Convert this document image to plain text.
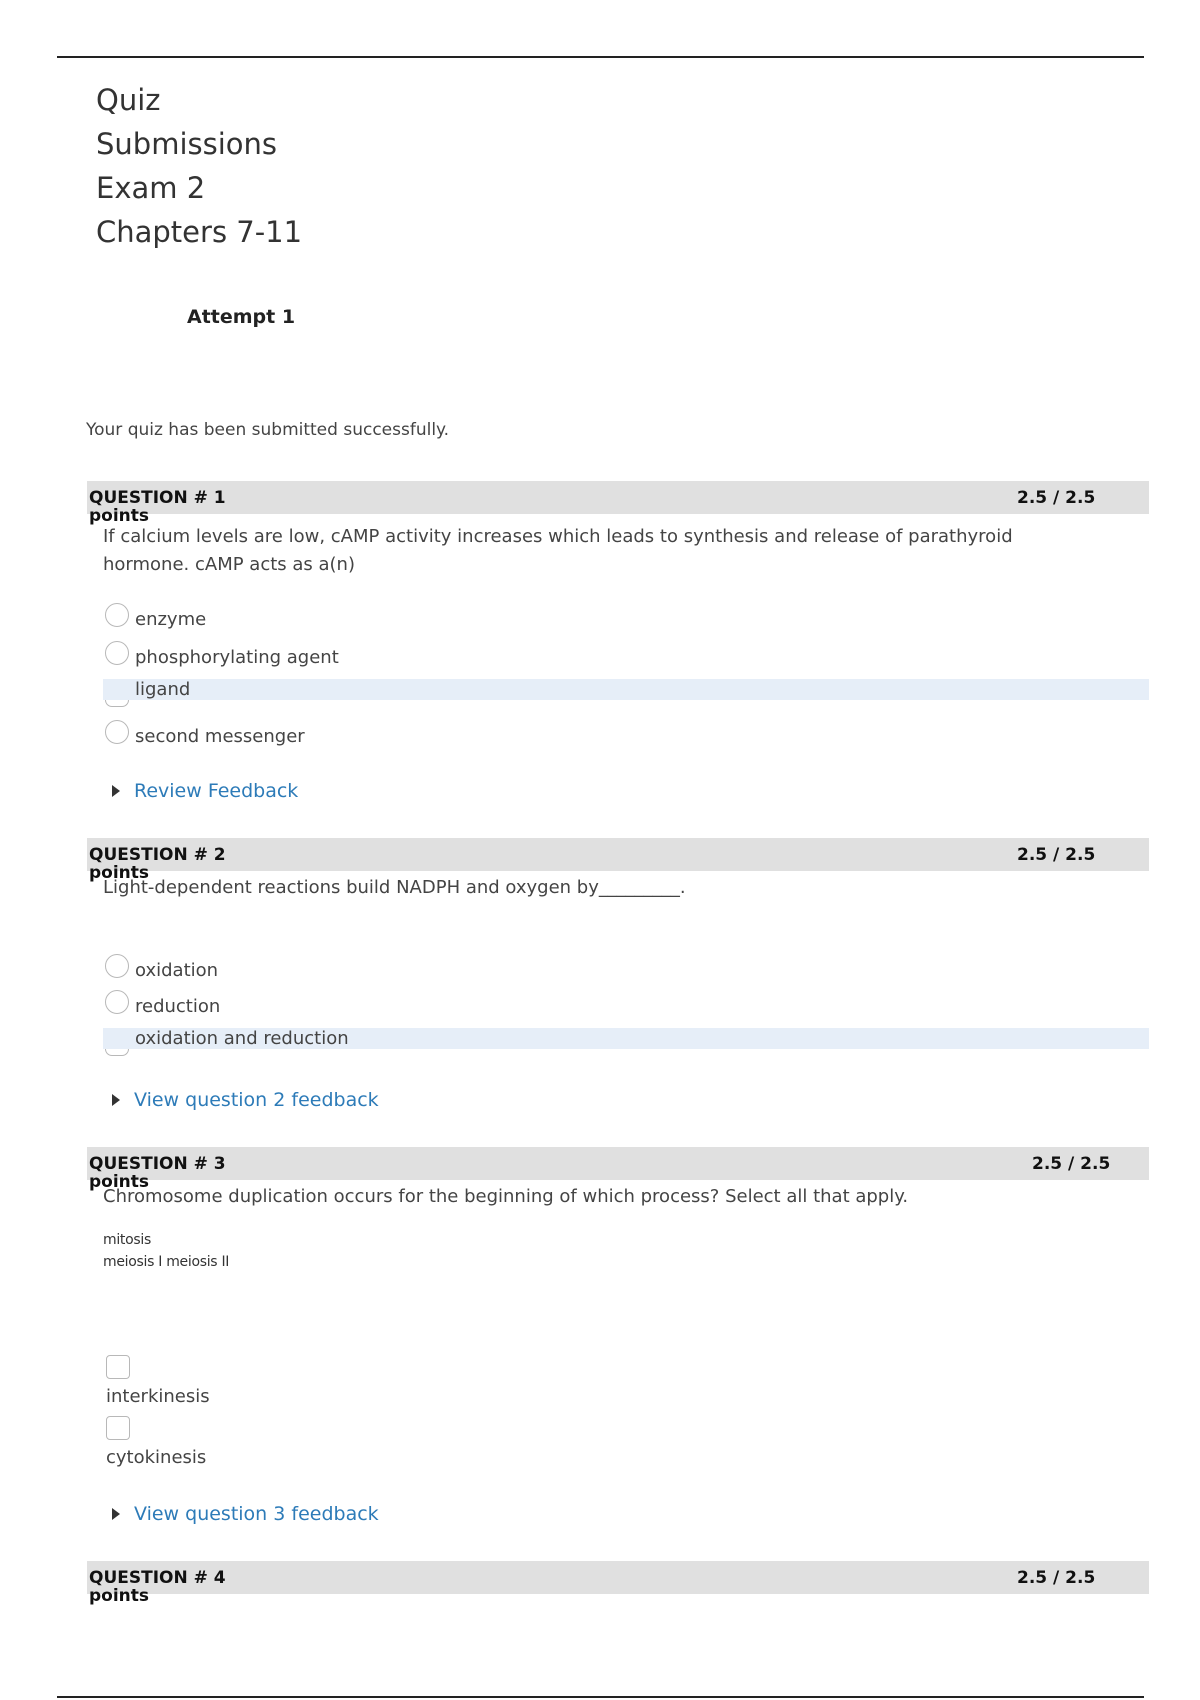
Quiz
Submissions
Exam 2
Chapters 7-11
Attempt 1
Your quiz has been submitted successfully.
QUESTION # 1
points
2.5 / 2.5
If calcium levels are low, cAMP activity increases which leads to synthesis and release of parathyroid hormone. cAMP acts as a(n)
enzyme
phosphorylating agent
ligand
second messenger
Review Feedback
QUESTION # 2
points
2.5 / 2.5
Light-dependent reactions build NADPH and oxygen by_________.
oxidation
reduction
oxidation and reduction
View question 2 feedback
QUESTION # 3
points
2.5 / 2.5
Chromosome duplication occurs for the beginning of which process? Select all that apply.
mitosis
meiosis I meiosis II
interkinesis
cytokinesis
View question 3 feedback
QUESTION # 4
points
2.5 / 2.5
